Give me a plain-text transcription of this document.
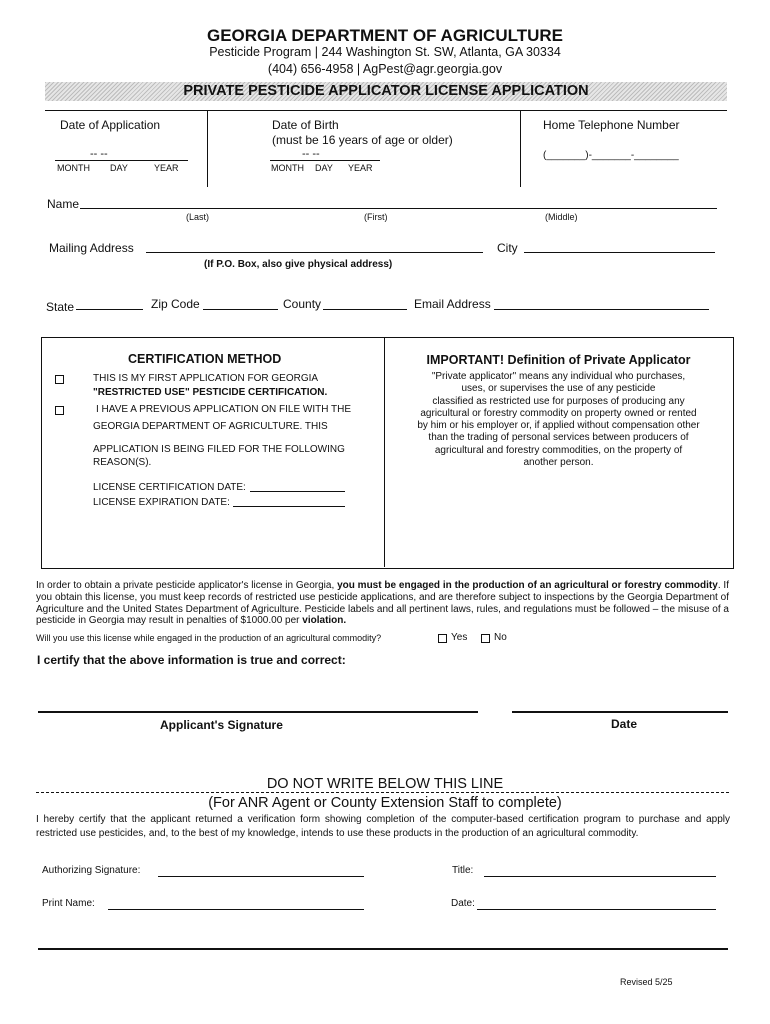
GEORGIA DEPARTMENT OF AGRICULTURE
Pesticide Program | 244 Washington St. SW, Atlanta, GA 30334
(404) 656-4958 | AgPest@agr.georgia.gov
PRIVATE PESTICIDE APPLICATOR LICENSE APPLICATION
Date of Application
-- --
MONTH DAY	YEAR
Date of Birth
(must be 16 years of age or older)
-- --
MONTH DAY YEAR
Home Telephone Number
(_______)-_______-________
Name
(Last)	(First)	(Middle)
Mailing Address	City
(If P.O. Box, also give physical address)
State	Zip Code	County	Email Address
CERTIFICATION METHOD
THIS IS MY FIRST APPLICATION FOR GEORGIA
"RESTRICTED USE" PESTICIDE CERTIFICATION.
I HAVE A PREVIOUS APPLICATION ON FILE WITH THE
GEORGIA DEPARTMENT OF AGRICULTURE. THIS
APPLICATION IS BEING FILED FOR THE FOLLOWING
REASON(S).
LICENSE CERTIFICATION DATE:
LICENSE EXPIRATION DATE:
IMPORTANT! Definition of Private Applicator
"Private applicator" means any individual who purchases,
uses, or supervises the use of any pesticide
classified as restricted use for purposes of producing any
agricultural or forestry commodity on property owned or rented
by him or his employer or, if applied without compensation other
than the trading of personal services between producers of
agricultural and forestry commodities, on the property of
another person.
In order to obtain a private pesticide applicator's license in Georgia, you must be engaged in the production of an agricultural or forestry commodity. If you obtain this license, you must keep records of restricted use pesticide applications, and are therefore subject to inspections by the Georgia Department of Agriculture and the United States Department of Agriculture. Pesticide labels and all pertinent laws, rules, and regulations must be followed – the misuse of a pesticide in Georgia may result in penalties of $1000.00 per violation.
Will you use this license while engaged in the production of an agricultural commodity?	Yes	No
I certify that the above information is true and correct:
Applicant's Signature	Date
DO NOT WRITE BELOW THIS LINE
(For ANR Agent or County Extension Staff to complete)
I hereby certify that the applicant returned a verification form showing completion of the computer-based certification program to purchase and apply restricted use pesticides, and, to the best of my knowledge, intends to use these products in the production of an agricultural commodity.
Authorizing Signature:	Title:
Print Name:	Date:
Revised 5/25
